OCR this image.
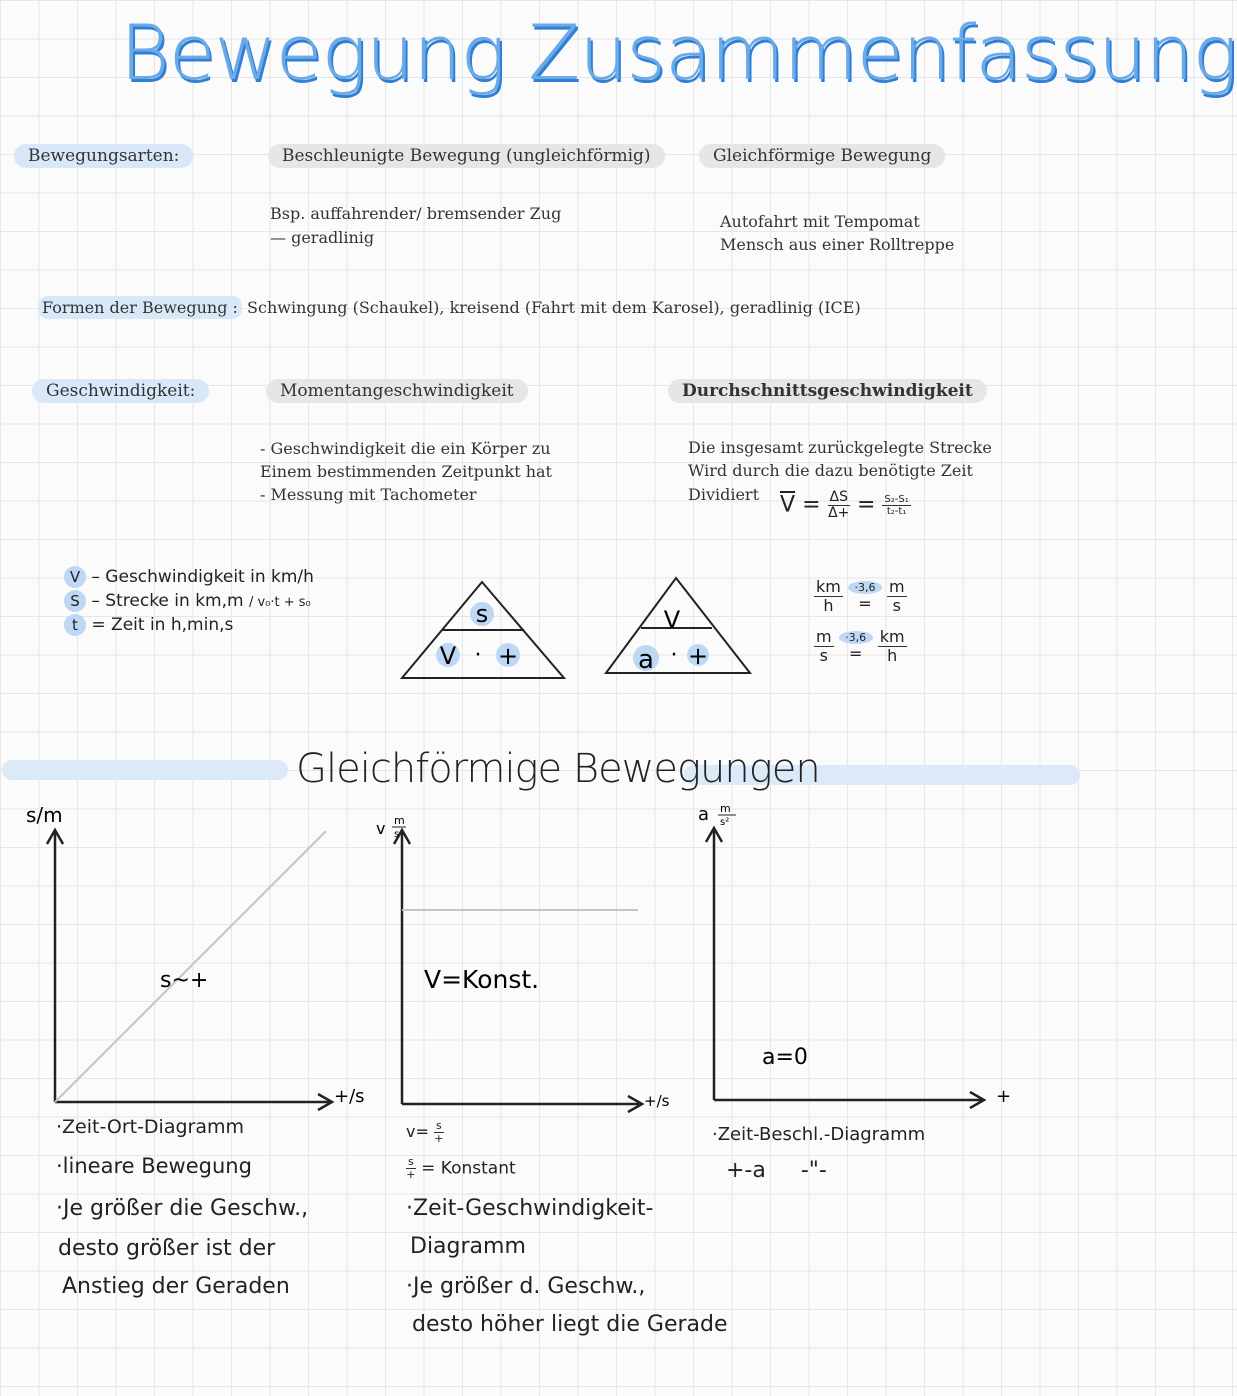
Bewegung Zusammenfassung
Bewegungsarten:	Beschleunigte Bewegung (ungleichförmig)	Gleichförmige Bewegung
Bsp. auffahrender/ bremsender Zug
— geradlinig
Autofahrt mit Tempomat
Mensch aus einer Rolltreppe
Formen der Bewegung : Schwingung (Schaukel), kreisend (Fahrt mit dem Karosel), geradlinig (ICE)
Geschwindigkeit:	Momentangeschwindigkeit	Durchschnittsgeschwindigkeit
- Geschwindigkeit die ein Körper zu
Einem bestimmenden Zeitpunkt hat
- Messung mit Tachometer
Die insgesamt zurückgelegte Strecke
Wird durch die dazu benötigte Zeit
Dividiert $\overline{V} = \frac{\Delta S}{\Delta+} = \frac{\text{S₂-S₁}}{\text{t₂-t₁}}$
V – Geschwindigkeit in km/h
S – Strecke in km,m / v₀·t + s₀
t = Zeit in h,min,s	s
V · +
V
a · +
$\frac{km}{h}$
	·3,6
=
$\frac{m}{s}$
$\frac{m}{s}$
	·3,6
=
$\frac{km}{h}$
Gleichförmige Bewegungen
s/m
+/s
s~+
·Zeit-Ort-Diagramm
·lineare Bewegung
·Je größer die Geschw.,
desto größer ist der
Anstieg der Geraden
v m
s
+/s
V=Konst.
$v= \frac{s}{+}$
$\frac{s}{+}$ = Konstant
·Zeit-Geschwindigkeit-
Diagramm
·Je größer d. Geschw.,
desto höher liegt die Gerade
a m
s²
+
a=0
·Zeit-Beschl.-Diagramm
+-a     -"-
